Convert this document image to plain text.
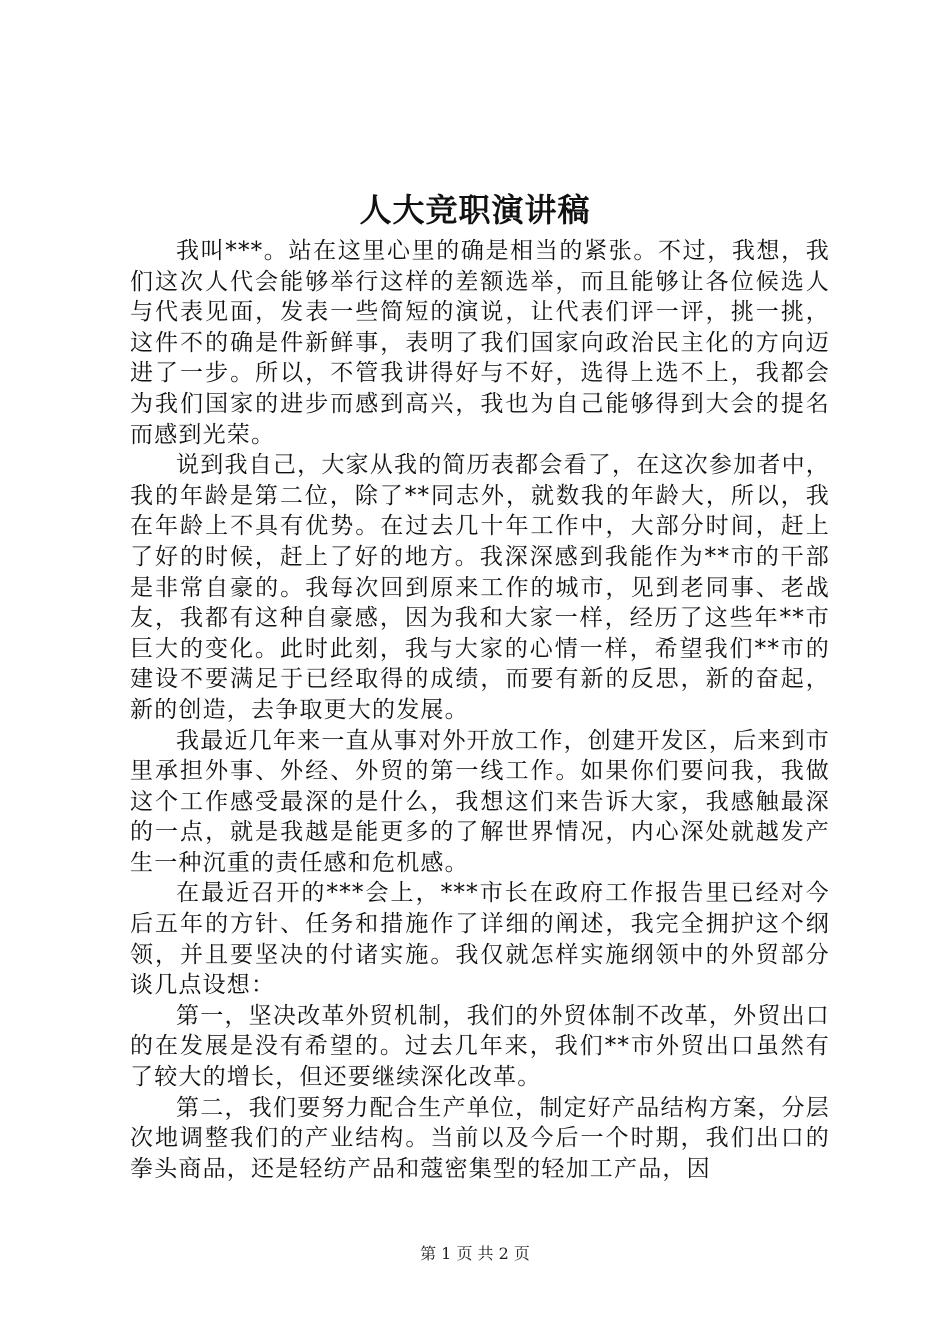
人大竞职演讲稿

我叫***。站在这里心里的确是相当的紧张。不过，我想，我们这次人代会能够举行这样的差额选举，而且能够让各位候选人与代表见面，发表一些简短的演说，让代表们评一评，挑一挑，这件不的确是件新鲜事，表明了我们国家向政治民主化的方向迈进了一步。所以，不管我讲得好与不好，选得上选不上，我都会为我们国家的进步而感到高兴，我也为自己能够得到大会的提名而感到光荣。

说到我自己，大家从我的简历表都会看了，在这次参加者中，我的年龄是第二位，除了**同志外，就数我的年龄大，所以，我在年龄上不具有优势。在过去几十年工作中，大部分时间，赶上了好的时候，赶上了好的地方。我深深感到我能作为**市的干部是非常自豪的。我每次回到原来工作的城市，见到老同事、老战友，我都有这种自豪感，因为我和大家一样，经历了这些年**市巨大的变化。此时此刻，我与大家的心情一样，希望我们**市的建设不要满足于已经取得的成绩，而要有新的反思，新的奋起，新的创造，去争取更大的发展。

我最近几年来一直从事对外开放工作，创建开发区，后来到市里承担外事、外经、外贸的第一线工作。如果你们要问我，我做这个工作感受最深的是什么，我想这们来告诉大家，我感触最深的一点，就是我越是能更多的了解世界情况，内心深处就越发产生一种沉重的责任感和危机感。

在最近召开的***会上，***市长在政府工作报告里已经对今后五年的方针、任务和措施作了详细的阐述，我完全拥护这个纲领，并且要坚决的付诸实施。我仅就怎样实施纲领中的外贸部分谈几点设想：

第一，坚决改革外贸机制，我们的外贸体制不改革，外贸出口的在发展是没有希望的。过去几年来，我们**市外贸出口虽然有了较大的增长，但还要继续深化改革。

第二，我们要努力配合生产单位，制定好产品结构方案，分层次地调整我们的产业结构。当前以及今后一个时期，我们出口的拳头商品，还是轻纺产品和蔻密集型的轻加工产品，因

第 1 页 共 2 页
